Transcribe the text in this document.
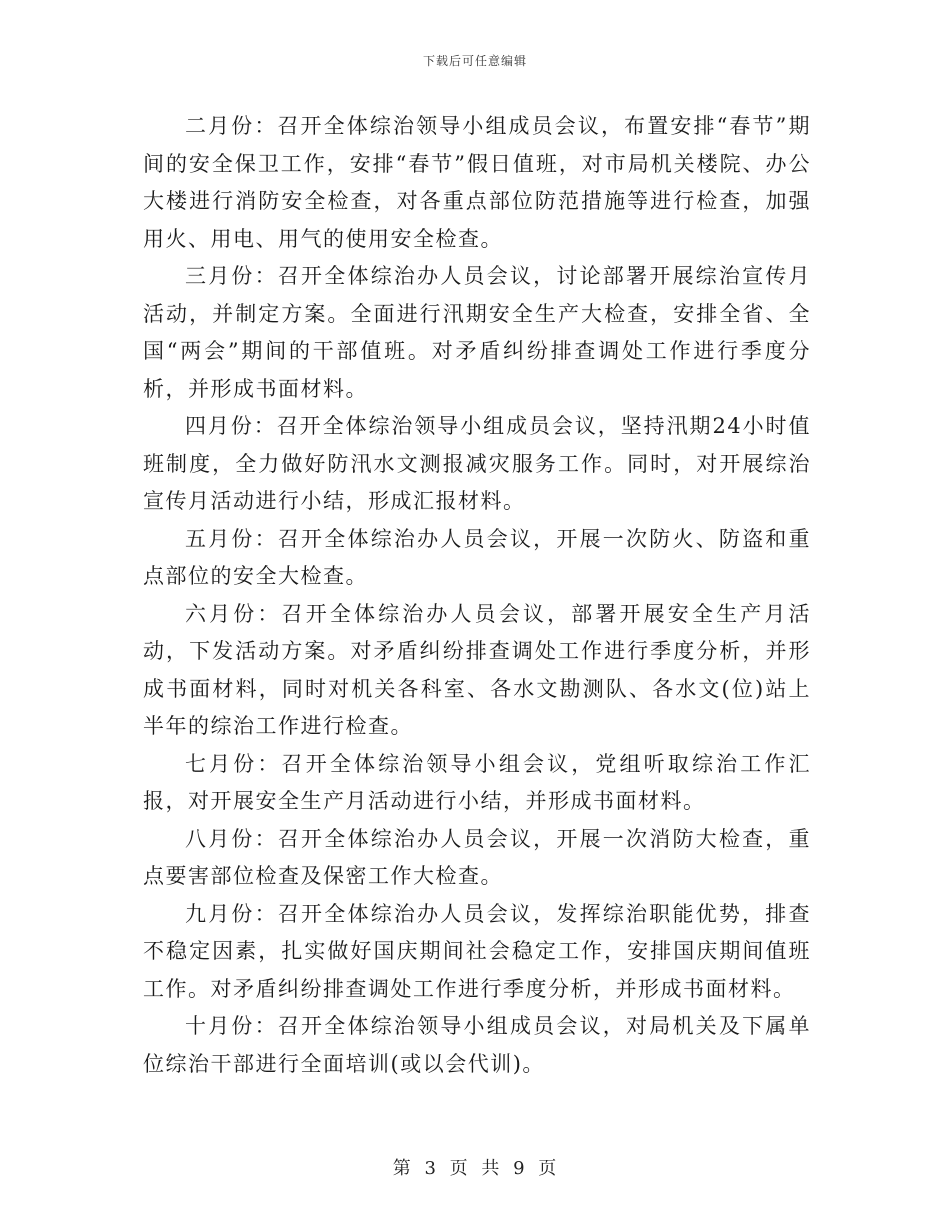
下载后可任意编辑

二月份：召开全体综治领导小组成员会议，布置安排“春节”期间的安全保卫工作，安排“春节”假日值班，对市局机关楼院、办公大楼进行消防安全检查，对各重点部位防范措施等进行检查，加强用火、用电、用气的使用安全检查。

三月份：召开全体综治办人员会议，讨论部署开展综治宣传月活动，并制定方案。全面进行汛期安全生产大检查，安排全省、全国“两会”期间的干部值班。对矛盾纠纷排查调处工作进行季度分析，并形成书面材料。

四月份：召开全体综治领导小组成员会议，坚持汛期24小时值班制度，全力做好防汛水文测报减灾服务工作。同时，对开展综治宣传月活动进行小结，形成汇报材料。

五月份：召开全体综治办人员会议，开展一次防火、防盗和重点部位的安全大检查。

六月份：召开全体综治办人员会议，部署开展安全生产月活动，下发活动方案。对矛盾纠纷排查调处工作进行季度分析，并形成书面材料，同时对机关各科室、各水文勘测队、各水文(位)站上半年的综治工作进行检查。

七月份：召开全体综治领导小组会议，党组听取综治工作汇报，对开展安全生产月活动进行小结，并形成书面材料。

八月份：召开全体综治办人员会议，开展一次消防大检查，重点要害部位检查及保密工作大检查。

九月份：召开全体综治办人员会议，发挥综治职能优势，排查不稳定因素，扎实做好国庆期间社会稳定工作，安排国庆期间值班工作。对矛盾纠纷排查调处工作进行季度分析，并形成书面材料。

十月份：召开全体综治领导小组成员会议，对局机关及下属单位综治干部进行全面培训(或以会代训)。

第 3 页 共 9 页
